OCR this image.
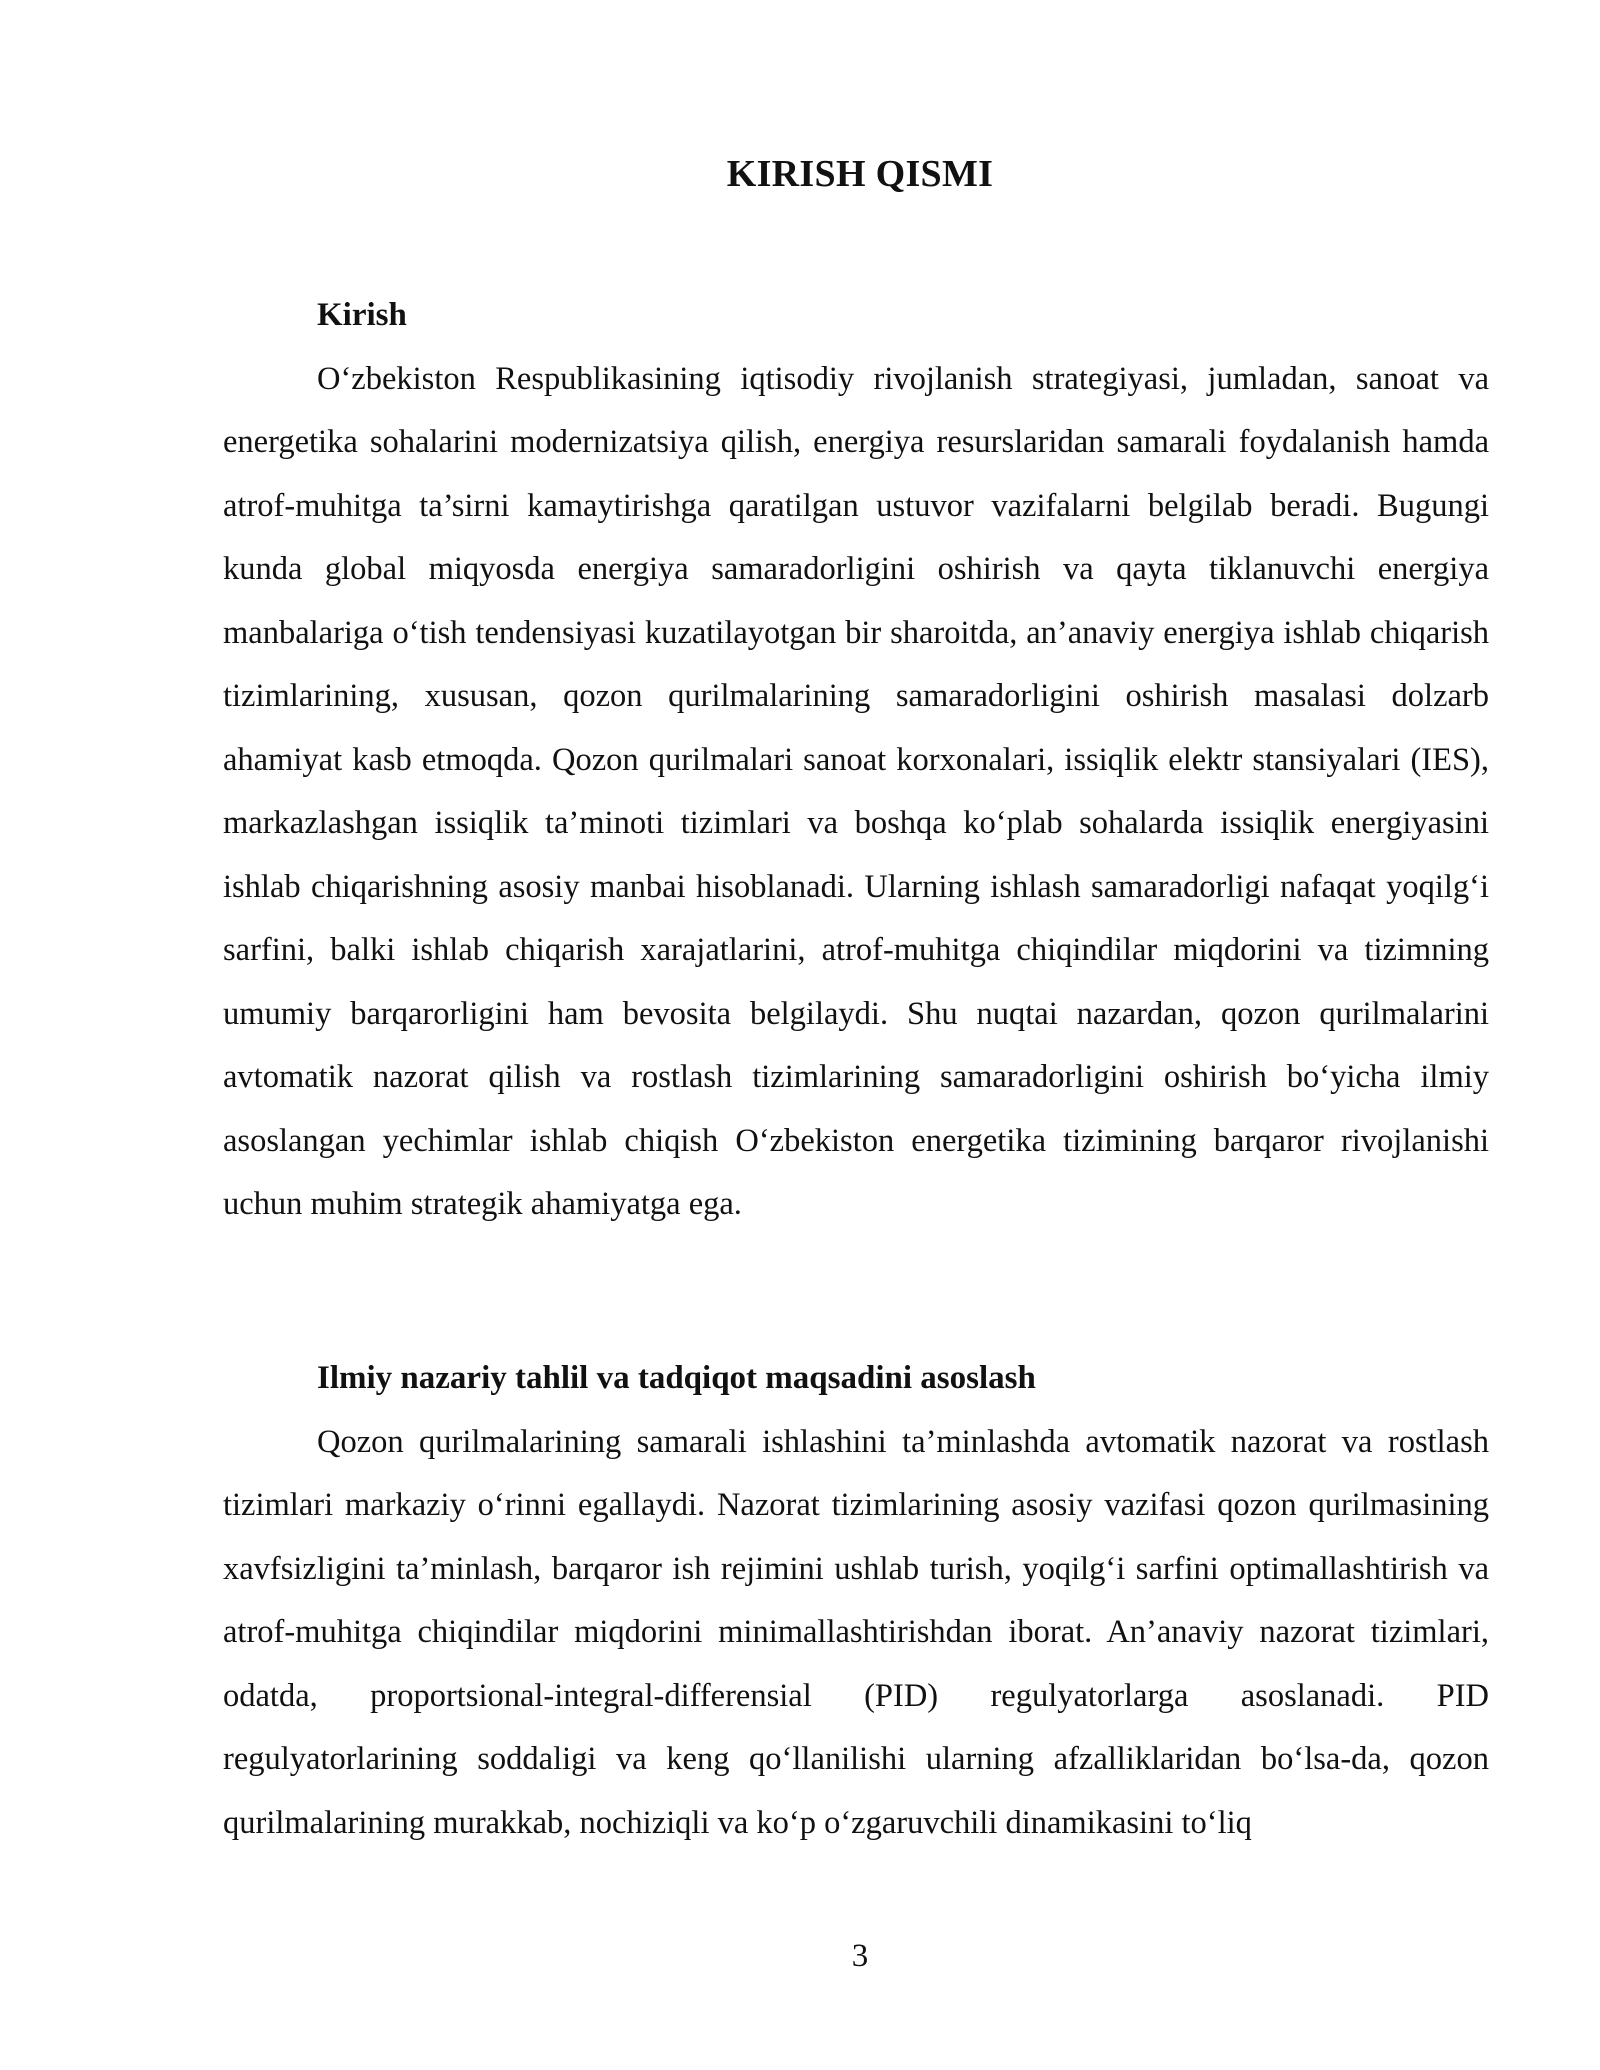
KIRISH QISMI
Kirish

O‘zbekiston Respublikasining iqtisodiy rivojlanish strategiyasi, jumladan, sanoat va energetika sohalarini modernizatsiya qilish, energiya resurslaridan samarali foydalanish hamda atrof-muhitga ta’sirni kamaytirishga qaratilgan ustuvor vazifalarni belgilab beradi. Bugungi kunda global miqyosda energiya samaradorligini oshirish va qayta tiklanuvchi energiya manbalariga o‘tish tendensiyasi kuzatilayotgan bir sharoitda, an’anaviy energiya ishlab chiqarish tizimlarining, xususan, qozon qurilmalarining samaradorligini oshirish masalasi dolzarb ahamiyat kasb etmoqda. Qozon qurilmalari sanoat korxonalari, issiqlik elektr stansiyalari (IES), markazlashgan issiqlik ta’minoti tizimlari va boshqa ko‘plab sohalarda issiqlik energiyasini ishlab chiqarishning asosiy manbai hisoblanadi. Ularning ishlash samaradorligi nafaqat yoqilg‘i sarfini, balki ishlab chiqarish xarajatlarini, atrof-muhitga chiqindilar miqdorini va tizimning umumiy barqarorligini ham bevosita belgilaydi. Shu nuqtai nazardan, qozon qurilmalarini avtomatik nazorat qilish va rostlash tizimlarining samaradorligini oshirish bo‘yicha ilmiy asoslangan yechimlar ishlab chiqish O‘zbekiston energetika tizimining barqaror rivojlanishi uchun muhim strategik ahamiyatga ega.

Ilmiy nazariy tahlil va tadqiqot maqsadini asoslash

Qozon qurilmalarining samarali ishlashini ta’minlashda avtomatik nazorat va rostlash tizimlari markaziy o‘rinni egallaydi. Nazorat tizimlarining asosiy vazifasi qozon qurilmasining xavfsizligini ta’minlash, barqaror ish rejimini ushlab turish, yoqilg‘i sarfini optimallashtirish va atrof-muhitga chiqindilar miqdorini minimallashtirishdan iborat. An’anaviy nazorat tizimlari, odatda, proportsional-integral-differensial (PID) regulyatorlarga asoslanadi. PID regulyatorlarining soddaligi va keng qo‘llanilishi ularning afzalliklaridan bo‘lsa-da, qozon qurilmalarining murakkab, nochiziqli va ko‘p o‘zgaruvchili dinamikasini to‘liq

3
